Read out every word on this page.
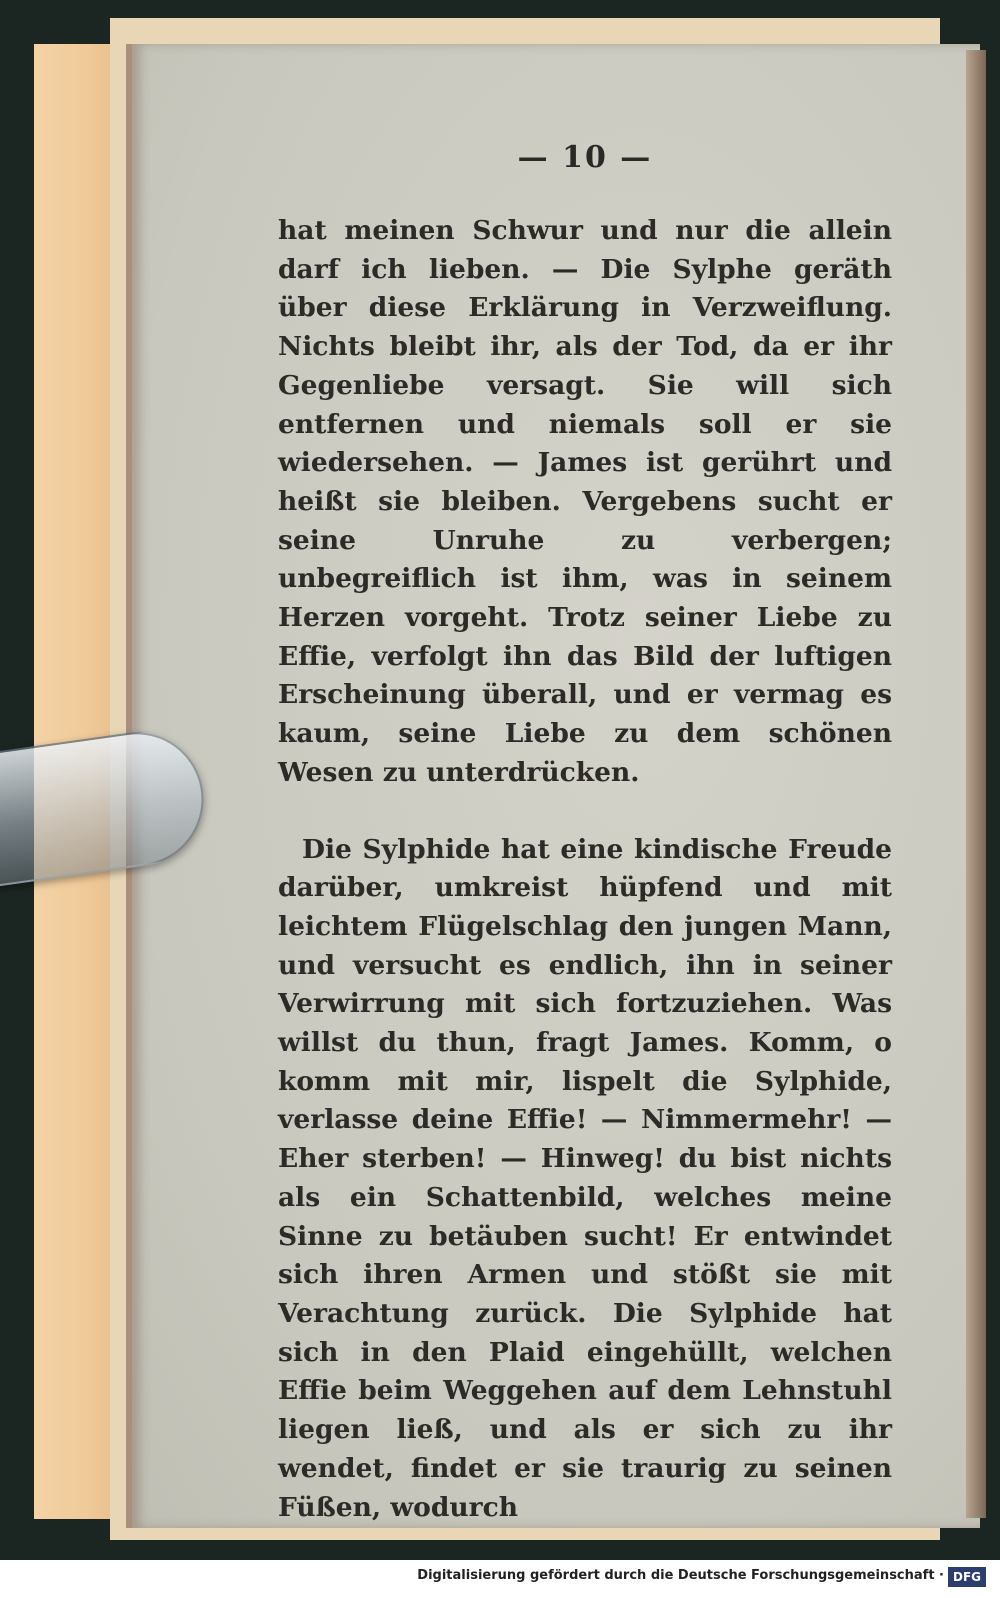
— 10 —

hat meinen Schwur und nur die allein darf ich lieben. — Die Sylphe geräth über diese Erklärung in Verzweiflung. Nichts bleibt ihr, als der Tod, da er ihr Gegenliebe versagt. Sie will sich entfernen und niemals soll er sie wiedersehen. — James ist gerührt und heißt sie bleiben. Vergebens sucht er seine Unruhe zu verbergen; unbegreiflich ist ihm, was in seinem Herzen vorgeht. Trotz seiner Liebe zu Effie, verfolgt ihn das Bild der luftigen Erscheinung überall, und er vermag es kaum, seine Liebe zu dem schönen Wesen zu unterdrücken.

Die Sylphide hat eine kindische Freude darüber, umkreist hüpfend und mit leichtem Flügelschlag den jungen Mann, und versucht es endlich, ihn in seiner Verwirrung mit sich fortzuziehen. Was willst du thun, fragt James. Komm, o komm mit mir, lispelt die Sylphide, verlasse deine Effie! — Nimmermehr! — Eher sterben! — Hinweg! du bist nichts als ein Schattenbild, welches meine Sinne zu betäuben sucht! Er entwindet sich ihren Armen und stößt sie mit Verachtung zurück. Die Sylphide hat sich in den Plaid eingehüllt, welchen Effie beim Weggehen auf dem Lehnstuhl liegen ließ, und als er sich zu ihr wendet, findet er sie traurig zu seinen Füßen, wodurch

Digitalisierung gefördert durch die Deutsche Forschungsgemeinschaft · DFG
